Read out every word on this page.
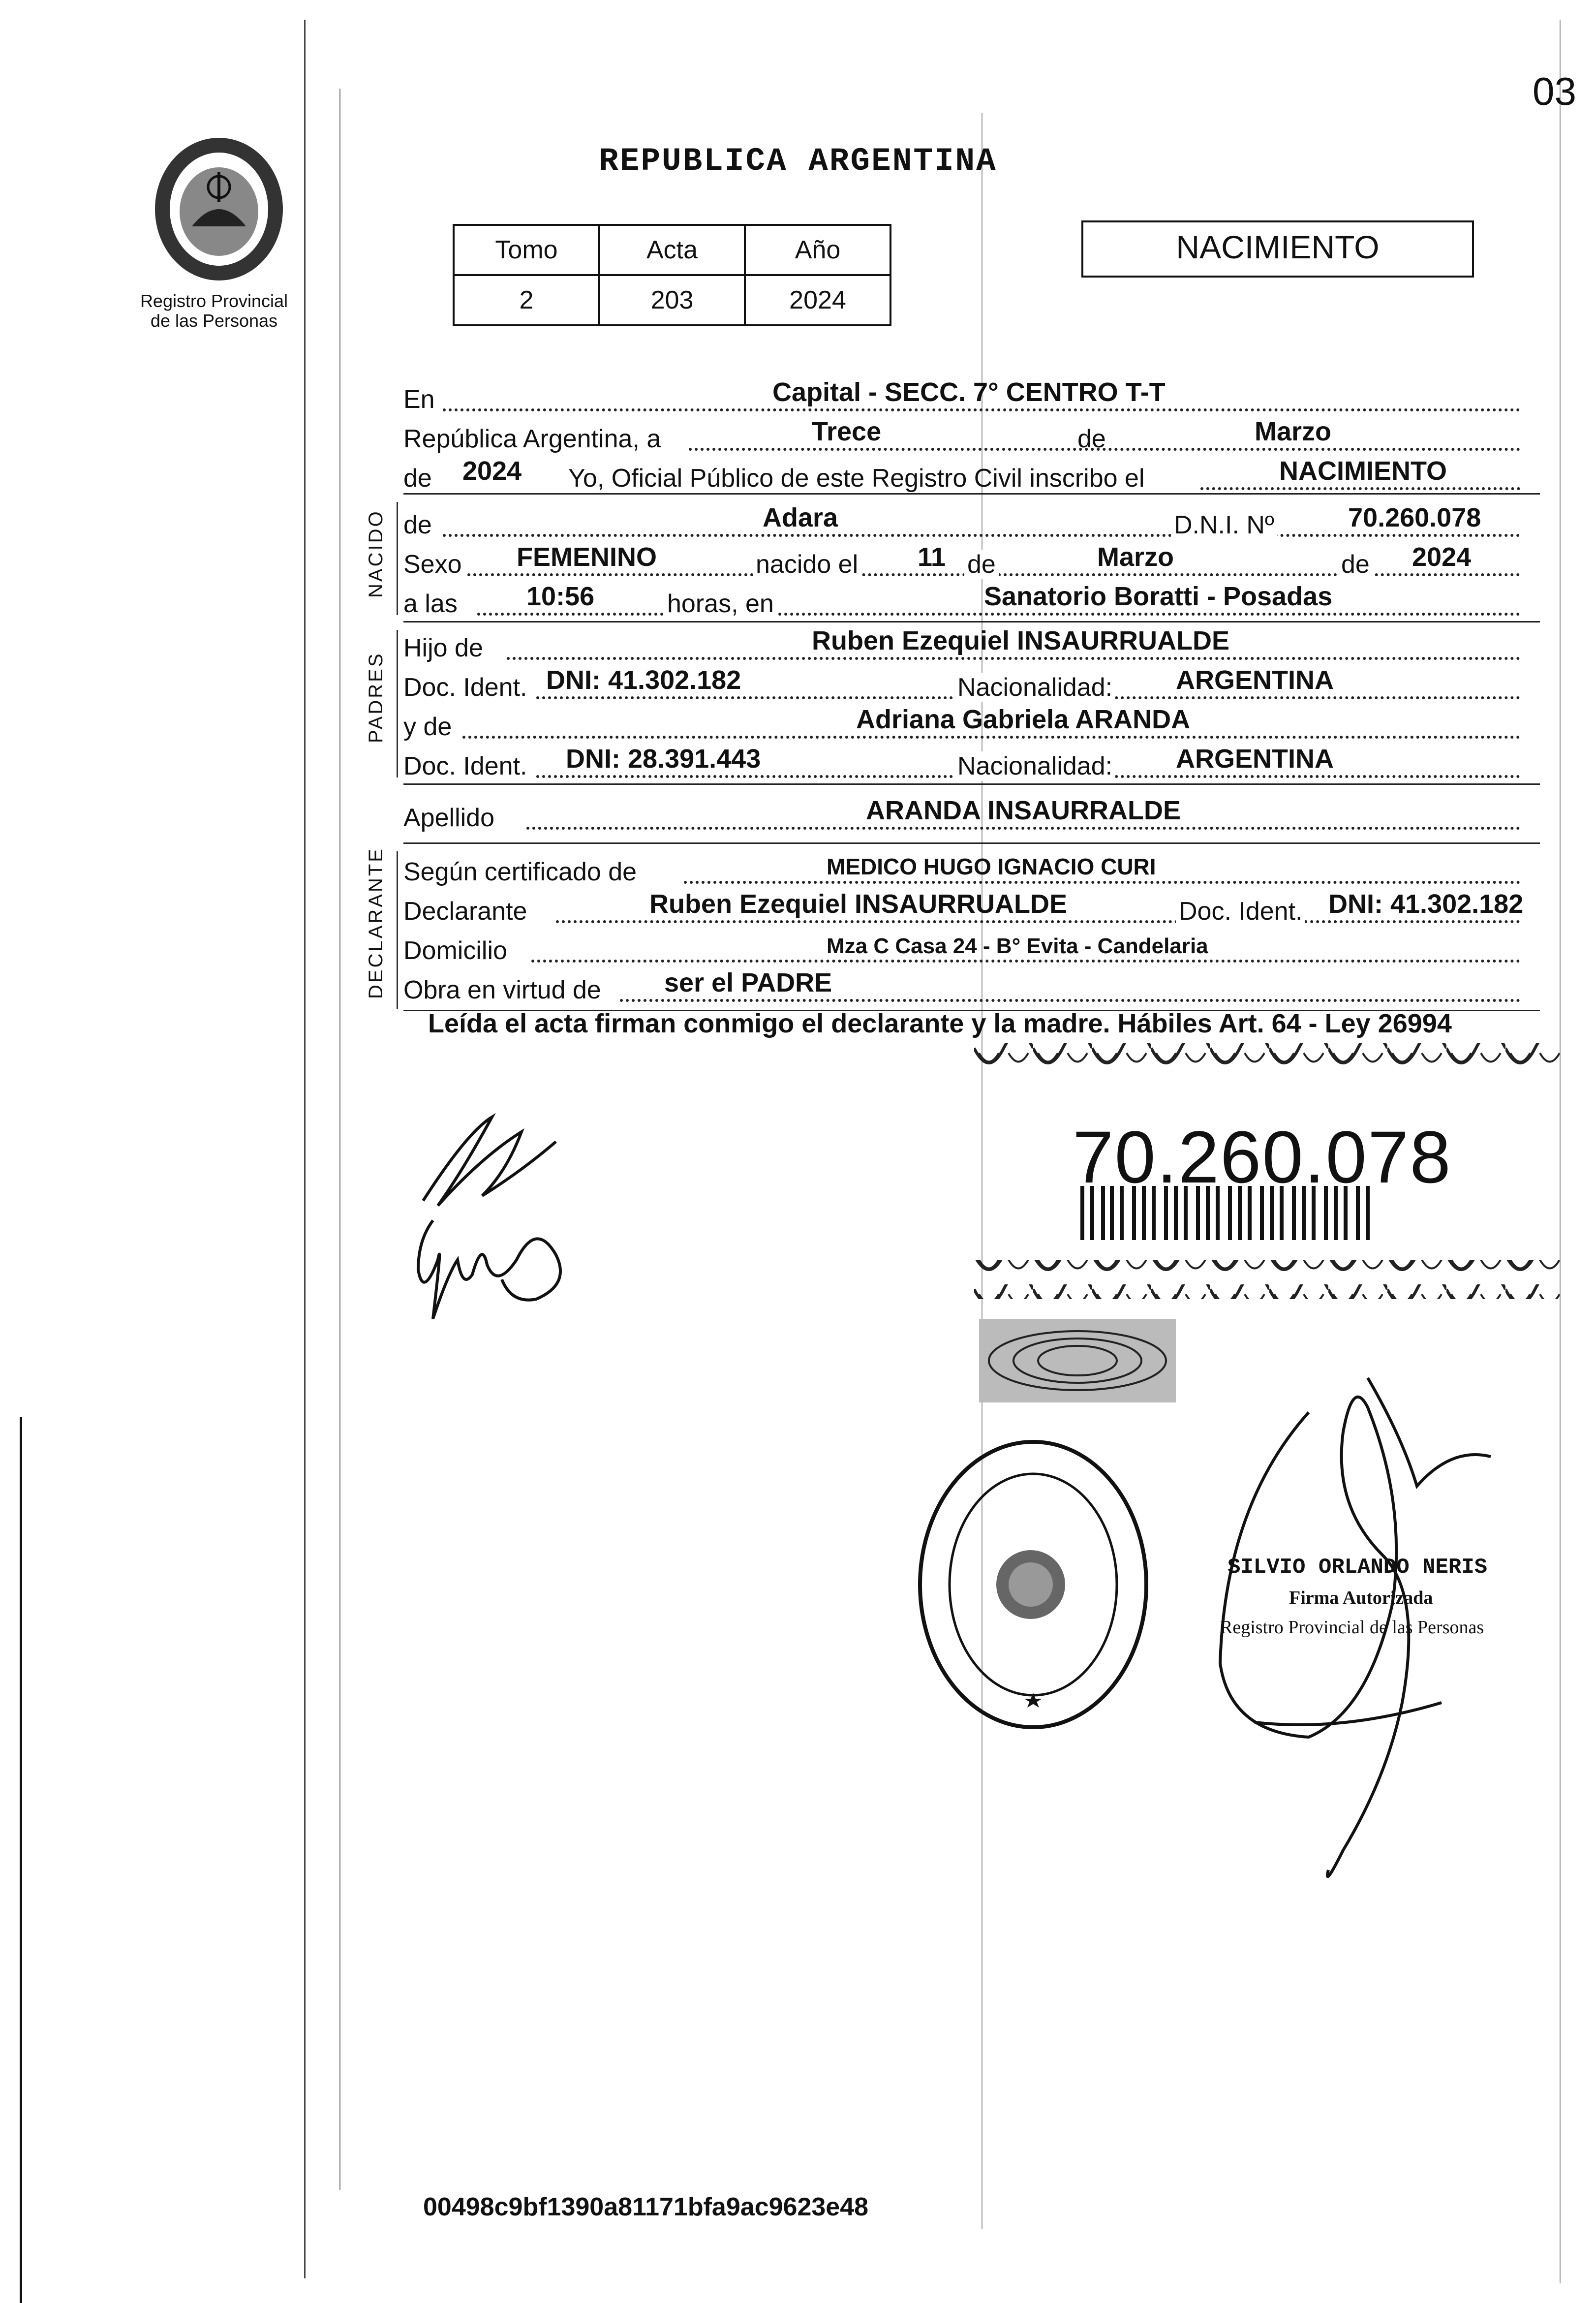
Registro Provincial
de las Personas
03
REPUBLICA ARGENTINA
Tomo	Acta	Año
2	203	2024
NACIMIENTO
En	Capital - SECC. 7° CENTRO T-T
República Argentina, a	Trece	de	Marzo
de 2024 Yo, Oficial Público de este Registro Civil inscribo el	NACIMIENTO
NACIDO de	Adara	D.N.I. Nº	70.260.078
Sexo FEMENINO	nacido el 11 de	Marzo	de 2024
a las	10:56	horas, en	Sanatorio Boratti - Posadas
PADRES
Hijo de	Ruben Ezequiel INSAURRUALDE
Doc. Ident. DNI: 41.302.182	Nacionalidad: ARGENTINA
y de	Adriana Gabriela ARANDA
Doc. Ident. DNI: 28.391.443	Nacionalidad: ARGENTINA
Apellido	ARANDA INSAURRALDE
DECLARANTE Según certificado de	MEDICO HUGO IGNACIO CURI
Declarante	Ruben Ezequiel INSAURRUALDE	Doc. Ident. DNI: 41.302.182
Domicilio	Mza C Casa 24 - B° Evita - Candelaria
Obra en virtud de ser el PADRE
Leída el acta firman conmigo el declarante y la madre. Hábiles Art. 64 - Ley 26994
70.260.078
SILVIO ORLANDO NERIS
Firma Autorizada
Registro Provincial de las Personas
00498c9bf1390a81171bfa9ac9623e48
